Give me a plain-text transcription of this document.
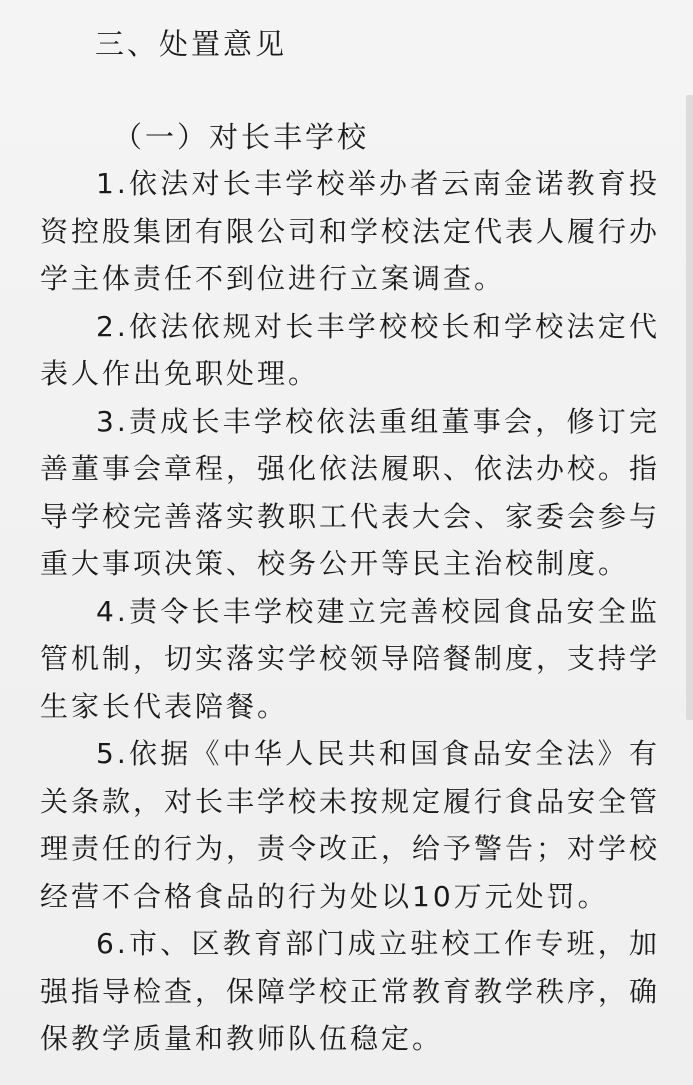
三、处置意见
（一）对长丰学校

1.依法对长丰学校举办者云南金诺教育投资控股集团有限公司和学校法定代表人履行办学主体责任不到位进行立案调查。

2.依法依规对长丰学校校长和学校法定代表人作出免职处理。

3.责成长丰学校依法重组董事会，修订完善董事会章程，强化依法履职、依法办校。指导学校完善落实教职工代表大会、家委会参与重大事项决策、校务公开等民主治校制度。

4.责令长丰学校建立完善校园食品安全监管机制，切实落实学校领导陪餐制度，支持学生家长代表陪餐。

5.依据《中华人民共和国食品安全法》有关条款，对长丰学校未按规定履行食品安全管理责任的行为，责令改正，给予警告；对学校经营不合格食品的行为处以10万元处罚。

6.市、区教育部门成立驻校工作专班，加强指导检查，保障学校正常教育教学秩序，确保教学质量和教师队伍稳定。
